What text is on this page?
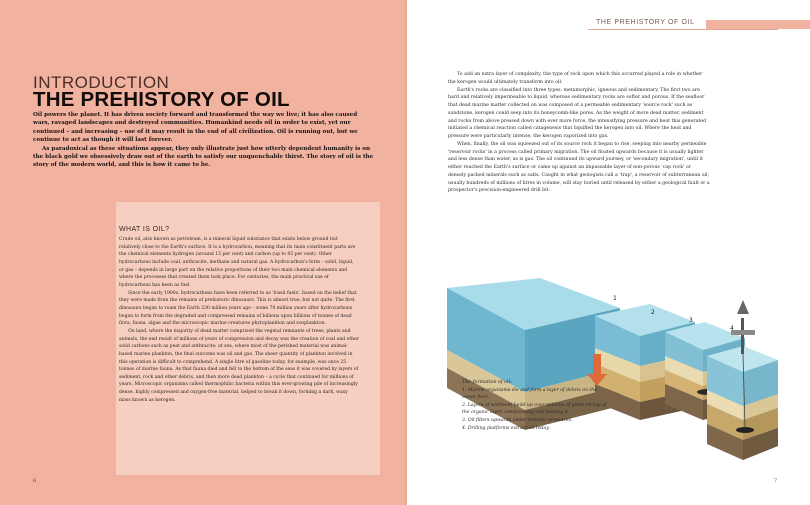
INTRODUCTION
THE PREHISTORY OF OIL

Oil powers the planet. It has driven society forward and transformed the way we live; it has also caused wars, ravaged landscapes and destroyed communities. Humankind needs oil in order to exist, yet our continued – and increasing – use of it may result in the end of all civilization. Oil is running out, but we continue to act as though it will last forever.

As paradoxical as these situations appear, they only illustrate just how utterly dependent humanity is on the black gold we obsessively draw out of the earth to satisfy our unquenchable thirst. The story of oil is the story of the modern world, and this is how it came to be.

WHAT IS OIL?

Crude oil, also known as petroleum, is a mineral liquid substance that exists below ground but relatively close to the Earth's surface. It is a hydrocarbon, meaning that its main constituent parts are the chemical elements hydrogen (around 15 per cent) and carbon (up to 85 per cent). Other hydrocarbons include coal, anthracite, methane and natural gas. A hydrocarbon's form – solid, liquid, or gas – depends in large part on the relative proportions of their two main chemical elements and where the processes that created them took place. For centuries, the main practical use of hydrocarbons has been as fuel.

Since the early 1900s, hydrocarbons have been referred to as 'fossil fuels', based on the belief that they were made from the remains of prehistoric dinosaurs. This is almost true, but not quite. The first dinosaurs began to roam the Earth 230 million years ago – some 70 million years after hydrocarbons began to form from the degraded and compressed remains of billions upon billions of tonnes of dead flora, fauna, algae and the microscopic marine creatures phytoplankton and zooplankton.

On land, where the majority of dead matter comprised the vegetal remnants of trees, plants and animals, the end result of millions of years of compression and decay was the creation of coal and other solid carbons such as peat and anthracite; at sea, where most of the perished material was animal-based marine plankton, the final outcome was oil and gas. The sheer quantity of plankton involved in this operation is difficult to comprehend. A single litre of gasoline today, for example, was once 25 tonnes of marine fauna. As that fauna died and fell to the bottom of the seas it was covered by layers of sediment, rock and other debris, and then more dead plankton – a cycle that continued for millions of years. Microscopic organisms called thermophilic bacteria within this ever-growing pile of increasingly dense, highly compressed and oxygen-free material, helped to break it down, forming a dark, waxy mass known as kerogen.

6
THE PREHISTORY OF OIL

To add an extra layer of complexity, the type of rock upon which this occurred played a role in whether the kerogen would ultimately transform into oil.

Earth's rocks are classified into three types: metamorphic, igneous and sedimentary. The first two are hard and relatively impermeable to liquid, whereas sedimentary rocks are softer and porous. If the seafloor that dead marine matter collected on was composed of a permeable sedimentary 'source rock' such as sandstone, kerogen could seep into its honeycomb-like pores. As the weight of more dead matter, sediment and rocks from above pressed down with ever more force, the intensifying pressure and heat this generated initiated a chemical reaction called catagenesis that liquified the kerogen into oil. Where the heat and pressure were particularly intense, the kerogen vaporized into gas.

When, finally, the oil was squeezed out of its source rock it began to rise, seeping into nearby permeable 'reservoir rocks' in a process called primary migration. The oil floated upwards because it is usually lighter and less dense than water, as is gas. The oil continued its upward journey, or 'secondary migration', until it either reached the Earth's surface or came up against an impassable layer of non-porous 'cap rock' or densely packed minerals such as salts. Caught in what geologists call a 'trap', a reservoir of subterranean oil, usually hundreds of millions of litres in volume, will stay buried until released by either a geological fault or a prospector's precision-engineered drill bit.

1
2
3
4

The formation of oil:

1. Marine organisms die and form a layer of debris on the ocean floor.
2. Layers of sediment build up over millions of years on top of the organic layer, compressing and heating it.
3. Oil filters upwards under tectonic pressures.
4. Drilling platforms extract oil today.
7
